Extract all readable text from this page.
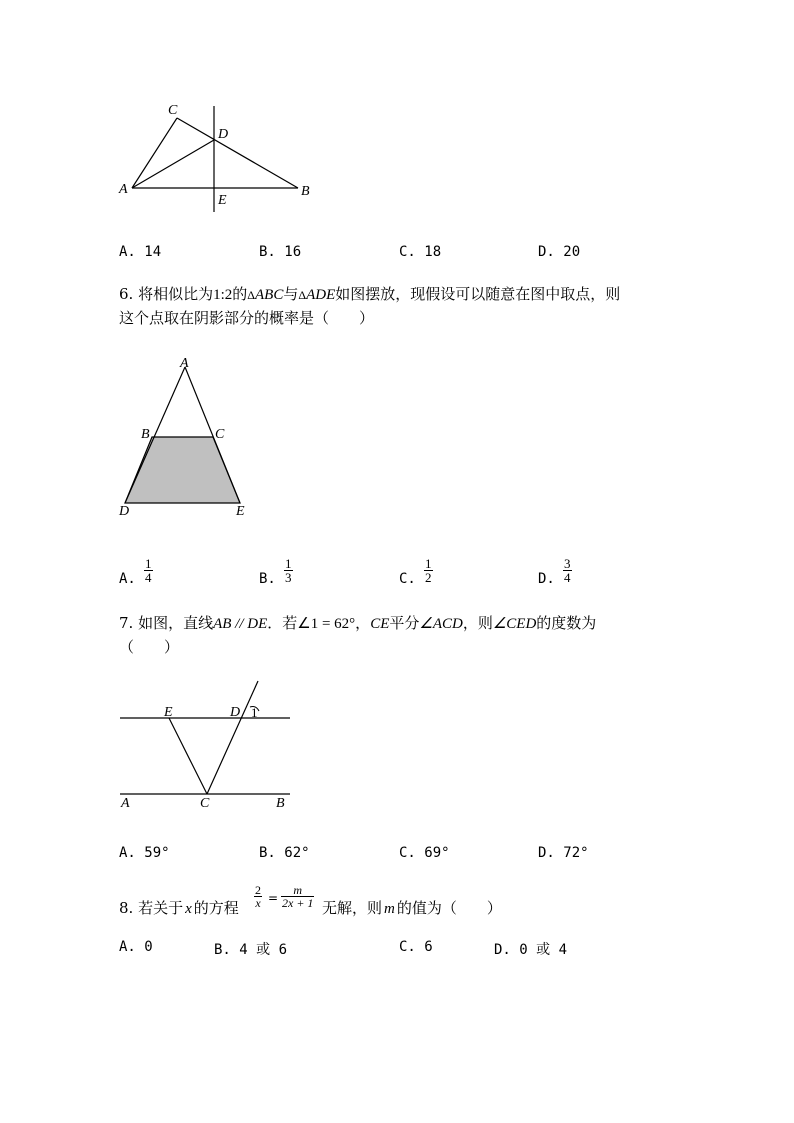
C
D
A
E
B
A. 14	B. 16	C. 18	D. 20
6. 将相似比为1:2的ΔABC与ΔADE如图摆放，现假设可以随意在图中取点，则
这个点取在阴影部分的概率是（　　）
A
B	C
D	E
A. $\frac{1}{4}$	B. $\frac{1}{3}$	C. $\frac{1}{2}$	D. $\frac{3}{4}$
7. 如图，直线AB // DE．若∠1 = 62°，CE平分∠ACD，则∠CED的度数为
（　　）
E	D 1
A	C	B
A. 59°	B. 62°	C. 69°	D. 72°
8. 若关于 x 的方程 $\frac{2}{x} = \frac{m}{2x + 1}$ 无解，则 m 的值为（　　）
A. 0	B. 4 或 6	C. 6	D. 0 或 4
